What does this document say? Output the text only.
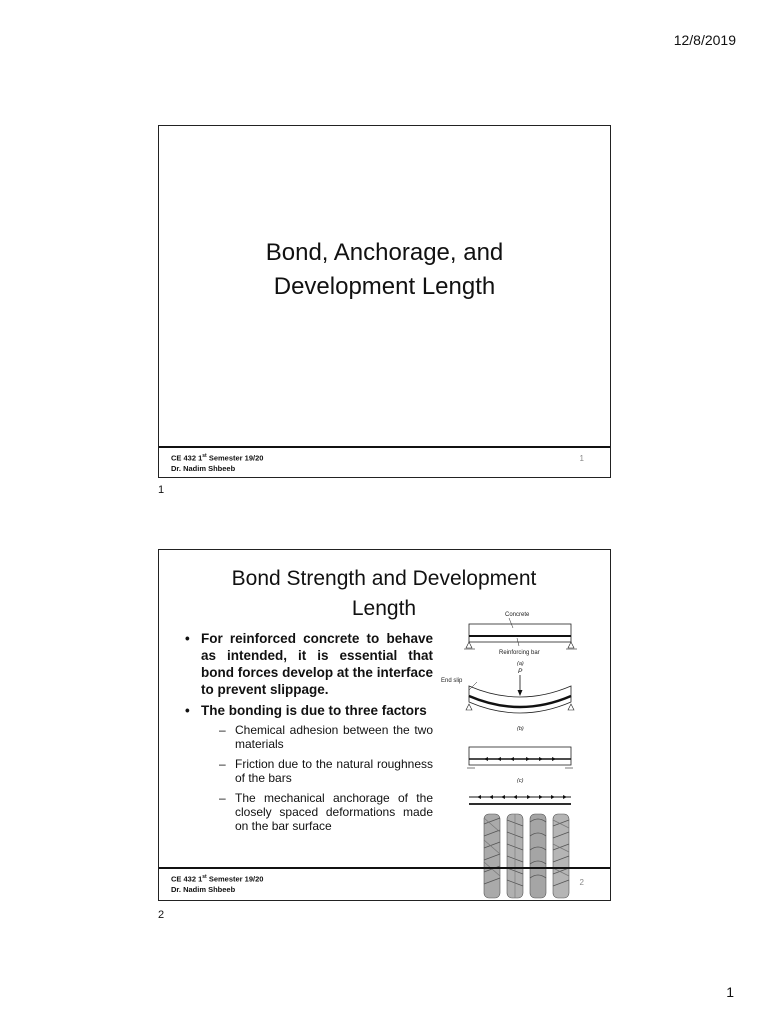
12/8/2019
Bond, Anchorage, and
Development Length
CE 432 1st Semester 19/20
Dr. Nadim Shbeeb
1
1
Bond Strength and Development
Length
• For reinforced concrete to behave as intended, it is essential that bond forces develop at the interface to prevent slippage.
• The bonding is due to three factors
– Chemical adhesion between the two materials
– Friction due to the natural roughness of the bars
– The mechanical anchorage of the closely spaced deformations made on the bar surface
Concrete
Reinforcing bar
(a)
End slip
P
(b)
(c)
CE 432 1st Semester 19/20
Dr. Nadim Shbeeb
2
2
1
